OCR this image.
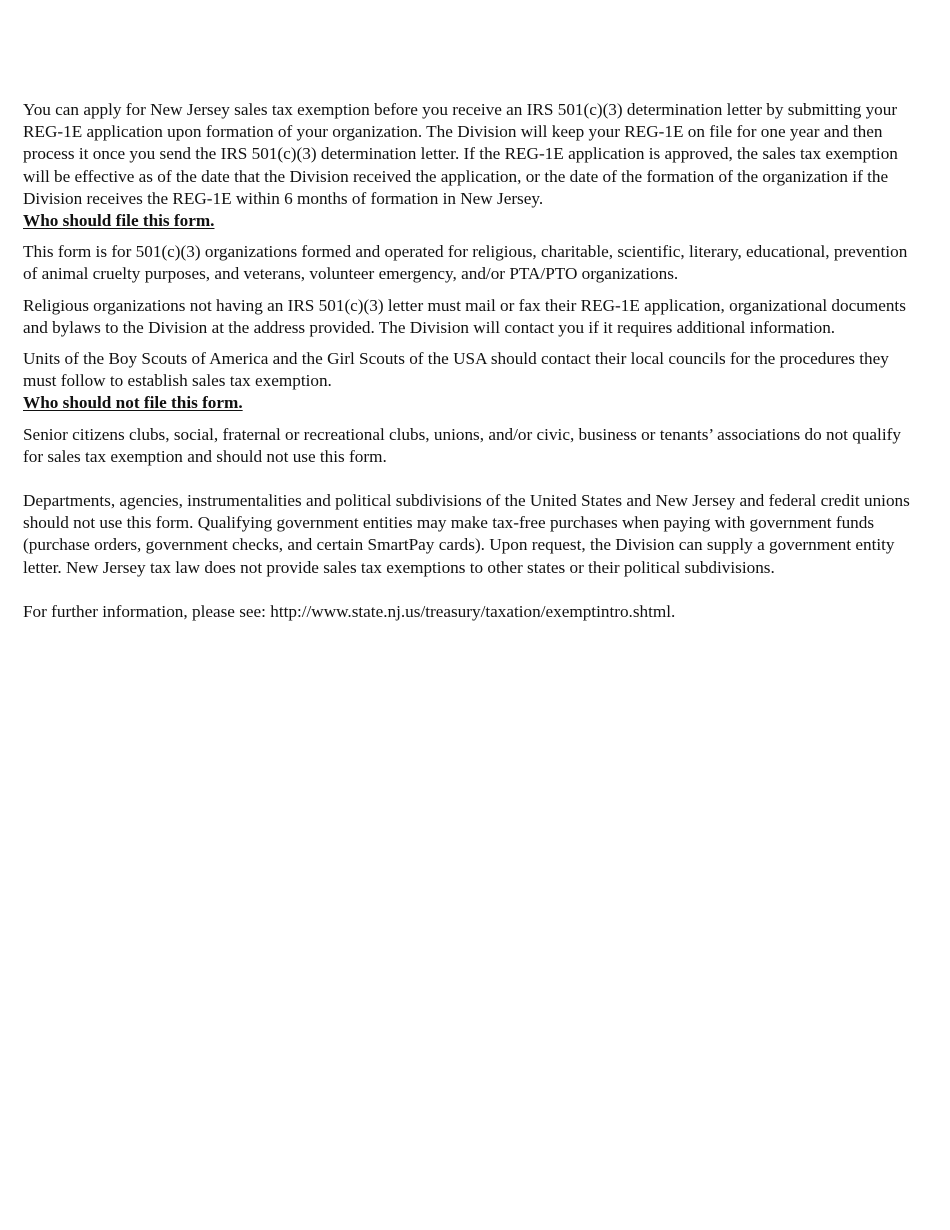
You can apply for New Jersey sales tax exemption before you receive an IRS 501(c)(3) determination letter by submitting your REG-1E application upon formation of your organization. The Division will keep your REG-1E on file for one year and then process it once you send the IRS 501(c)(3) determination letter. If the REG-1E application is approved, the sales tax exemption will be effective as of the date that the Division received the application, or the date of the formation of the organization if the Division receives the REG-1E within 6 months of formation in New Jersey.

Who should file this form.

This form is for 501(c)(3) organizations formed and operated for religious, charitable, scientific, literary, educational, prevention of animal cruelty purposes, and veterans, volunteer emergency, and/or PTA/PTO organizations.

Religious organizations not having an IRS 501(c)(3) letter must mail or fax their REG-1E application, organizational documents and bylaws to the Division at the address provided. The Division will contact you if it requires additional information.

Units of the Boy Scouts of America and the Girl Scouts of the USA should contact their local councils for the procedures they must follow to establish sales tax exemption.

Who should not file this form.

Senior citizens clubs, social, fraternal or recreational clubs, unions, and/or civic, business or tenants’ associations do not qualify for sales tax exemption and should not use this form.

Departments, agencies, instrumentalities and political subdivisions of the United States and New Jersey and federal credit unions should not use this form. Qualifying government entities may make tax-free purchases when paying with government funds (purchase orders, government checks, and certain SmartPay cards). Upon request, the Division can supply a government entity letter. New Jersey tax law does not provide sales tax exemptions to other states or their political subdivisions.

For further information, please see: http://www.state.nj.us/treasury/taxation/exemptintro.shtml.
